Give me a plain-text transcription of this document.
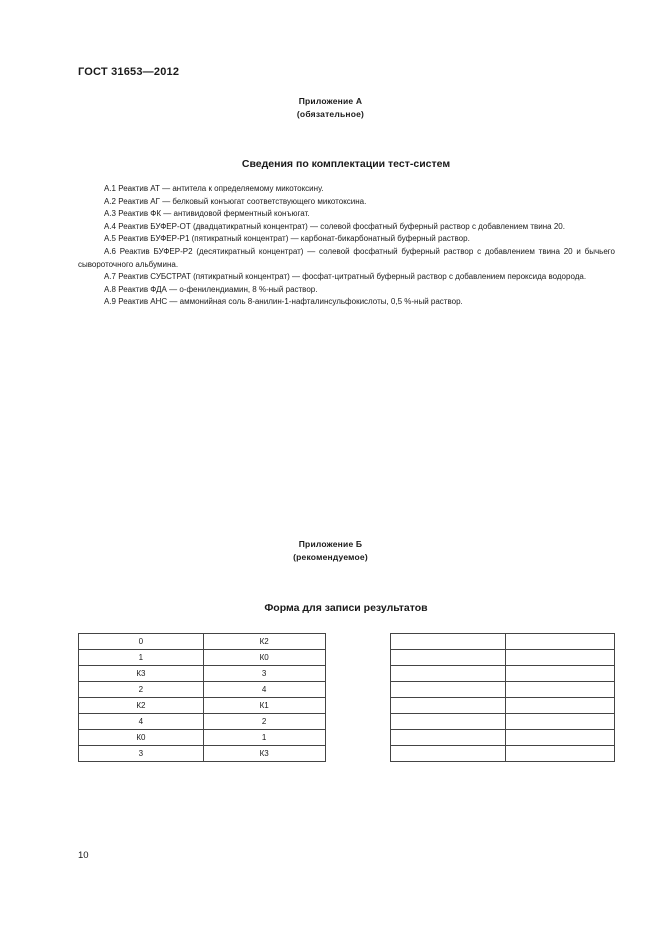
ГОСТ 31653—2012
Приложение А
(обязательное)
Сведения по комплектации тест-систем

А.1 Реактив АТ — антитела к определяемому микотоксину.

А.2 Реактив АГ — белковый конъюгат соответствующего микотоксина.

А.3 Реактив ФК — антивидовой ферментный конъюгат.

А.4 Реактив БУФЕР-ОТ (двадцатикратный концентрат) — солевой фосфатный буферный раствор с добавлением твина 20.

А.5 Реактив БУФЕР-Р1 (пятикратный концентрат) — карбонат-бикарбонатный буферный раствор.

А.6 Реактив БУФЕР-Р2 (десятикратный концентрат) — солевой фосфатный буферный раствор с добавлением твина 20 и бычьего сывороточного альбумина.

А.7 Реактив СУБСТРАТ (пятикратный концентрат) — фосфат-цитратный буферный раствор с добавлением пероксида водорода.

А.8 Реактив ФДА — о-фенилендиамин, 8 %-ный раствор.

А.9 Реактив АНС — аммонийная соль 8-анилин-1-нафталинсульфокислоты, 0,5 %-ный раствор.

Приложение Б
(рекомендуемое)
Форма для записи результатов
0	К2			
1	К0			
К3	3			
2	4			
К2	К1			
4	2			
К0	1			
3	К3			
10
